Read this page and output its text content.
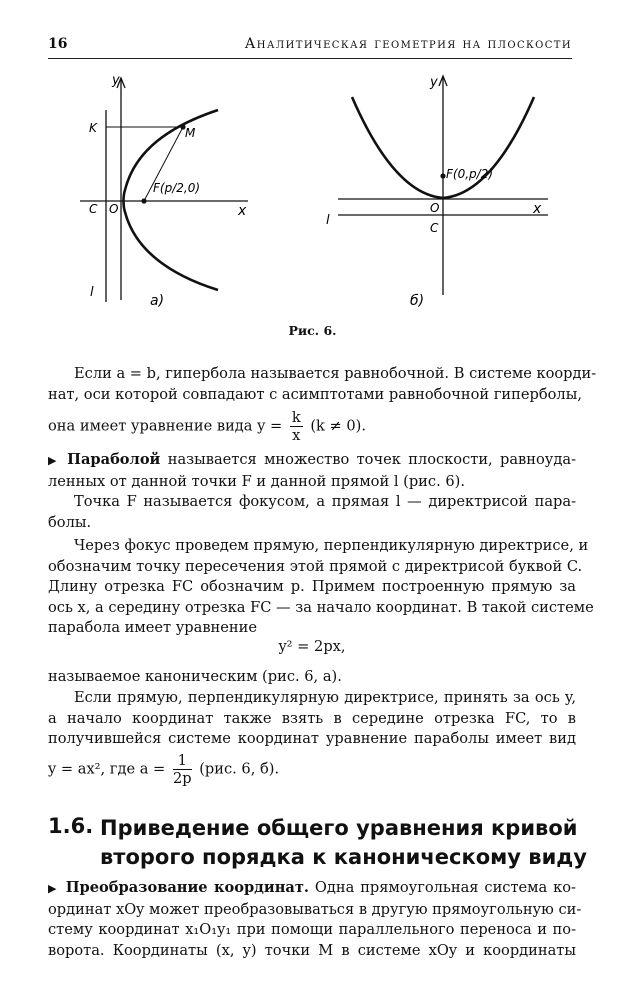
16	Аналитическая геометрия на плоскости
y
x
O
K	M
C
l
F(p/2,0)
а)
y
x
O
C
l
F(0,p/2)
б)
Рис. 6.
Если a = b, гипербола называется равнобочной. В системе коорди-
нат, оси которой совпадают с асимптотами равнобочной гиперболы,
она имеет уравнение вида $y = \frac{k}{x} (k \ne 0)$.
▶ Параболой называется множество точек плоскости, равноуда-
ленных от данной точки F и данной прямой l (рис. 6).
Точка F называется фокусом, а прямая l — директрисой пара-
болы.
Через фокус проведем прямую, перпендикулярную директрисе, и
обозначим точку пересечения этой прямой с директрисой буквой C.
Длину отрезка FC обозначим p. Примем построенную прямую за
ось x, а середину отрезка FC — за начало координат. В такой системе
парабола имеет уравнение
y² = 2px,
называемое каноническим (рис. 6, а).
Если прямую, перпендикулярную директрисе, принять за ось y,
а начало координат также взять в середине отрезка FC, то в
получившейся системе координат уравнение параболы имеет вид
y = ax², где $a = \frac{1}{2p} (рис$. 6, б).
1.6. Приведение общего уравнения кривой
второго порядка к каноническому виду
▶ Преобразование координат. Одна прямоугольная система ко-
ординат xOy может преобразовываться в другую прямоугольную си-
стему координат x₁O₁y₁ при помощи параллельного переноса и по-
ворота. Координаты (x, y) точки M в системе xOy и координаты
